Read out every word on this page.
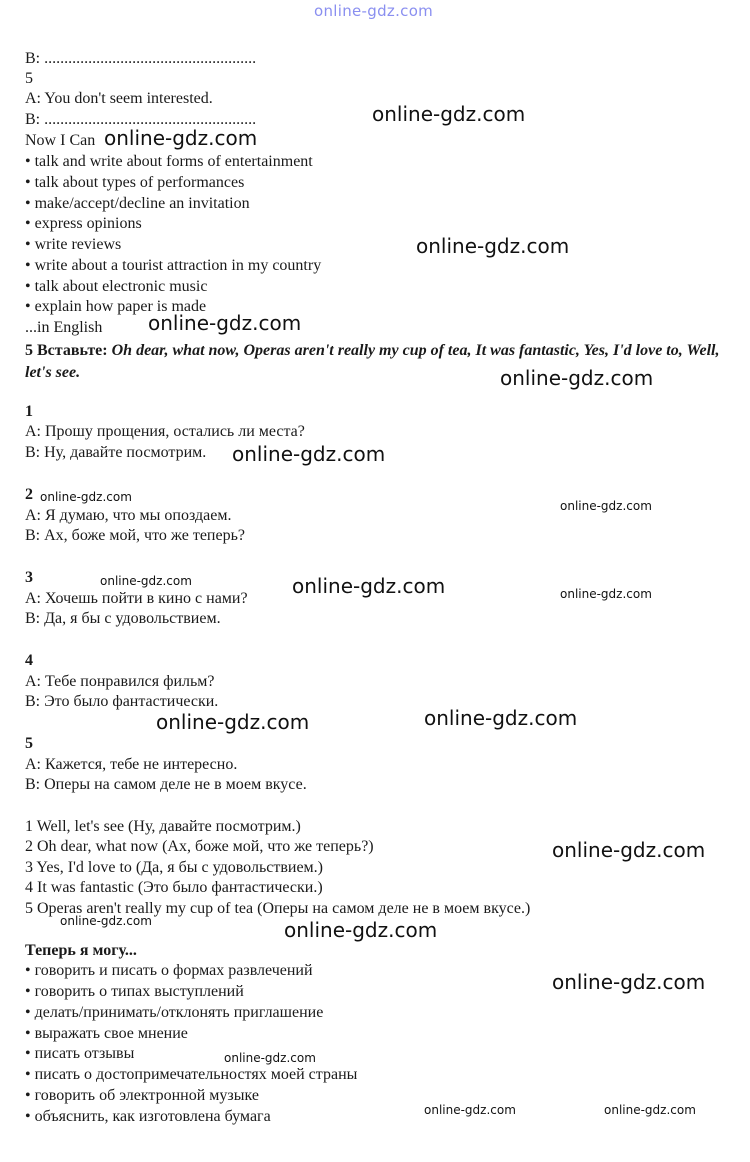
online-gdz.com
B: .....................................................
5
A: You don't seem interested.
B: .....................................................
Now I Can
• talk and write about forms of entertainment
• talk about types of performances
• make/accept/decline an invitation
• express opinions
• write reviews
• write about a tourist attraction in my country
• talk about electronic music
• explain how paper is made
...in English
5 Вставьте: Oh dear, what now, Operas aren't really my cup of tea, It was fantastic, Yes, I'd love to, Well, let's see.
1
A: Прошу прощения, остались ли места?
B: Ну, давайте посмотрим.
2
A: Я думаю, что мы опоздаем.
B: Ах, боже мой, что же теперь?
3
A: Хочешь пойти в кино с нами?
B: Да, я бы с удовольствием.
4
A: Тебе понравился фильм?
B: Это было фантастически.
5
A: Кажется, тебе не интересно.
B: Оперы на самом деле не в моем вкусе.
1 Well, let's see (Ну, давайте посмотрим.)
2 Oh dear, what now (Ах, боже мой, что же теперь?)
3 Yes, I'd love to (Да, я бы с удовольствием.)
4 It was fantastic (Это было фантастически.)
5 Operas aren't really my cup of tea (Оперы на самом деле не в моем вкусе.)
Теперь я могу...
• говорить и писать о формах развлечений
• говорить о типах выступлений
• делать/принимать/отклонять приглашение
• выражать свое мнение
• писать отзывы
• писать о достопримечательностях моей страны
• говорить об электронной музыке
• объяснить, как изготовлена бумага
online-gdz.com
online-gdz.com
online-gdz.com
online-gdz.com
online-gdz.com
online-gdz.com
online-gdz.com
online-gdz.com
online-gdz.com
online-gdz.com
online-gdz.com
online-gdz.com
online-gdz.com
online-gdz.com
online-gdz.com
online-gdz.com
online-gdz.com
online-gdz.com
online-gdz.com	online-gdz.com
